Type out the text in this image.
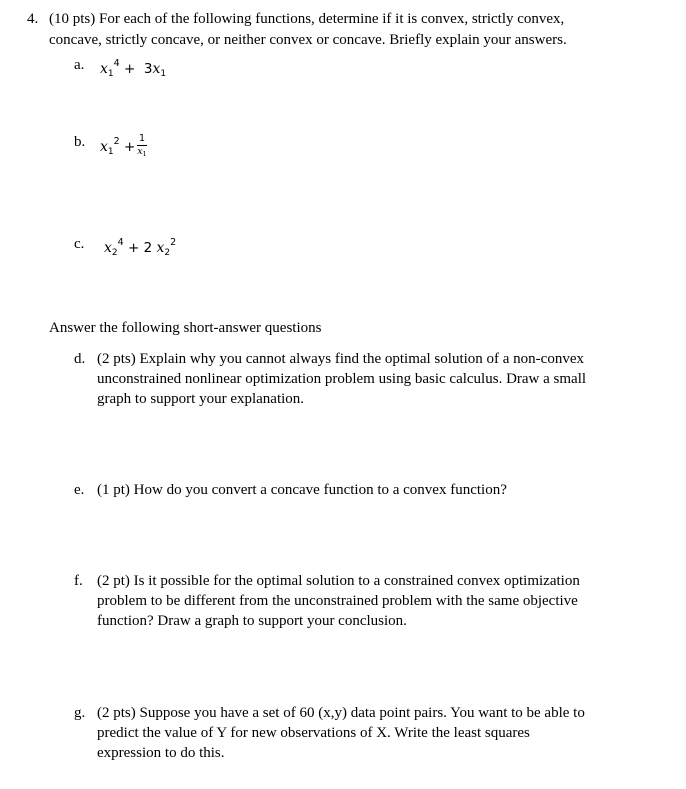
4. (10 pts) For each of the following functions, determine if it is convex, strictly convex,
concave, strictly concave, or neither convex or concave. Briefly explain your answers.
a. $x_1^4 + 3x_1$
b. $x_1^2 + \frac{1}{x_1}$
c. $x_2^4 + 2$ $x_2^2$
Answer the following short-answer questions
d. (2 pts) Explain why you cannot always find the optimal solution of a non-convex
unconstrained nonlinear optimization problem using basic calculus. Draw a small
graph to support your explanation.
e. (1 pt) How do you convert a concave function to a convex function?
f. (2 pt) Is it possible for the optimal solution to a constrained convex optimization
problem to be different from the unconstrained problem with the same objective
function? Draw a graph to support your conclusion.
g. (2 pts) Suppose you have a set of 60 (x,y) data point pairs. You want to be able to
predict the value of Y for new observations of X. Write the least squares
expression to do this.
